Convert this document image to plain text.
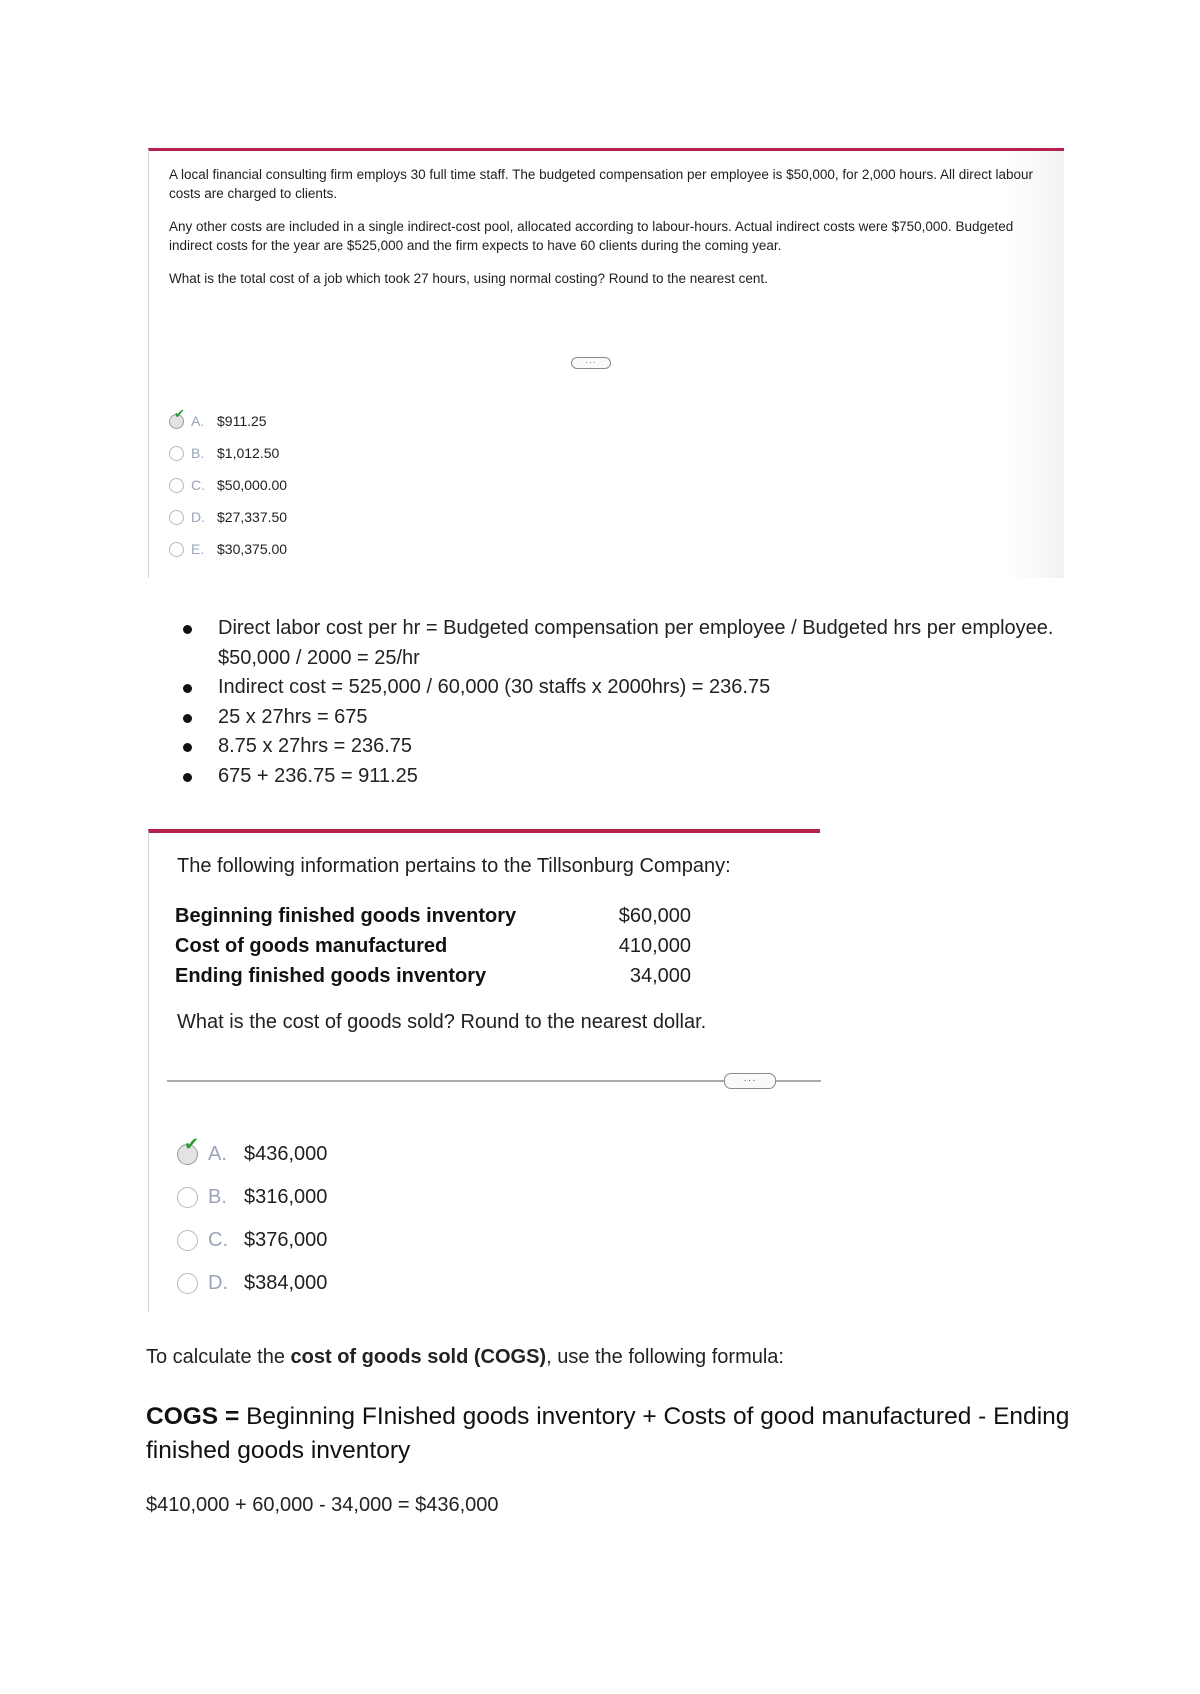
A local financial consulting firm employs 30 full time staff. The budgeted compensation per employee is $50,000, for 2,000 hours. All direct labour costs are charged to clients.

Any other costs are included in a single indirect-cost pool, allocated according to labour-hours. Actual indirect costs were $750,000. Budgeted indirect costs for the year are $525,000 and the firm expects to have 60 clients during the coming year.

What is the total cost of a job which took 27 hours, using normal costing? Round to the nearest cent.

···
✔ A. $911.25
B. $1,012.50
C. $50,000.00
D. $27,337.50
E. $30,375.00
Direct labor cost per hr = Budgeted compensation per employee / Budgeted hrs per employee. $50,000 / 2000 = 25/hr
Indirect cost = 525,000 / 60,000 (30 staffs x 2000hrs) = 236.75
25 x 27hrs = 675
8.75 x 27hrs = 236.75
675 + 236.75 = 911.25
The following information pertains to the Tillsonburg Company:
Beginning finished goods inventory	$60,000
Cost of goods manufactured	410,000
Ending finished goods inventory	34,000
What is the cost of goods sold? Round to the nearest dollar.
···
✔ A. $436,000
B. $316,000
C. $376,000
D. $384,000
To calculate the cost of goods sold (COGS), use the following formula:
COGS = Beginning FInished goods inventory + Costs of good manufactured - Ending finished goods inventory
$410,000 + 60,000 - 34,000 = $436,000
